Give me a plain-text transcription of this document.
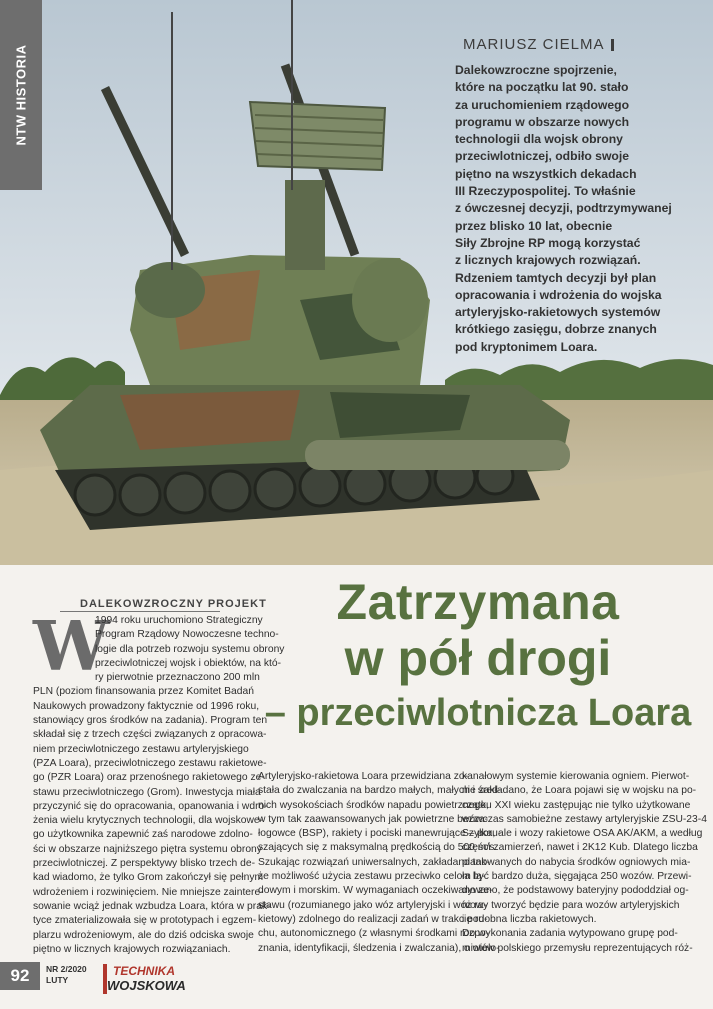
NTW HISTORIA	MARIUSZ CIELMA

Dalekowzroczne spojrzenie,

które na początku lat 90. stało

za uruchomieniem rządowego

programu w obszarze nowych

technologii dla wojsk obrony

przeciwlotniczej, odbiło swoje

piętno na wszystkich dekadach

III Rzeczypospolitej. To właśnie

z ówczesnej decyzji, podtrzymywanej

przez blisko 10 lat, obecnie

Siły Zbrojne RP mogą korzystać

z licznych krajowych rozwiązań.

Rdzeniem tamtych decyzji był plan

opracowania i wdrożenia do wojska

artyleryjsko-rakietowych systemów

krótkiego zasięgu, dobrze znanych

pod kryptonimem Loara.

Zatrzymana
w pół drogi
– przeciwlotnicza Loara
DALEKOWZROCZNY PROJEKT
W

1994 roku uruchomiono Strategiczny

Program Rządowy Nowoczesne techno-

logie dla potrzeb rozwoju systemu obrony

przeciwlotniczej wojsk i obiektów, na któ-

ry pierwotnie przeznaczono 200 mln

PLN (poziom finansowania przez Komitet Badań

Naukowych prowadzony faktycznie od 1996 roku,

stanowiący gros środków na zadania). Program ten

składał się z trzech części związanych z opracowa-

niem przeciwlotniczego zestawu artyleryjskiego

(PZA Loara), przeciwlotniczego zestawu rakietowe-

go (PZR Loara) oraz przenośnego rakietowego ze-

stawu przeciwlotniczego (Grom). Inwestycja miała

przyczynić się do opracowania, opanowania i wdro-

żenia wielu krytycznych technologii, dla wojskowe-

go użytkownika zapewnić zaś narodowe zdolno-

ści w obszarze najniższego piętra systemu obrony

przeciwlotniczej. Z perspektywy blisko trzech de-

kad wiadomo, że tylko Grom zakończył się pełnym

wdrożeniem i rozwinięciem. Nie mniejsze zaintere-

sowanie wciąż jednak wzbudza Loara, która w prak-

tyce zmaterializowała się w prototypach i egzem-

plarzu wdrożeniowym, ale do dziś odciska swoje

piętno w licznych krajowych rozwiązaniach.

Artyleryjsko-rakietowa Loara przewidziana zo-

stała do zwalczania na bardzo małych, małych i śred-

nich wysokościach środków napadu powietrznego,

w tym tak zaawansowanych jak powietrzne bezza-

łogowce (BSP), rakiety i pociski manewrujące – poru-

szających się z maksymalną prędkością do 500 m/s.

Szukając rozwiązań uniwersalnych, zakładano tak-

że możliwość użycia zestawu przeciwko celom lą-

dowym i morskim. W wymaganiach oczekiwano ze-

stawu (rozumianego jako wóz artyleryjski i wóz ra-

kietowy) zdolnego do realizacji zadań w trakcie ru-

chu, autonomicznego (z własnymi środkami rozpo-

znania, identyfikacji, śledzenia i zwalczania), o wielo-

kanałowym systemie kierowania ogniem. Pierwot-

nie zakładano, że Loara pojawi się w wojsku na po-

czątku XXI wieku zastępując nie tylko użytkowane

wówczas samobieżne zestawy artyleryjskie ZSU-23-4

Szyłka, ale i wozy rakietowe OSA AK/AKM, a według

części zamierzeń, nawet i 2K12 Kub. Dlatego liczba

planowanych do nabycia środków ogniowych mia-

ła być bardzo duża, sięgająca 250 wozów. Przewi-

dywano, że podstawowy bateryjny pododdział og-

niowy tworzyć będzie para wozów artyleryjskich

i podobna liczba rakietowych.

Do wykonania zadania wytypowano grupę pod-

miotów polskiego przemysłu reprezentujących róż-

92	NR 2/2020
LUTY
TECHNIKA
WOJSKOWA
